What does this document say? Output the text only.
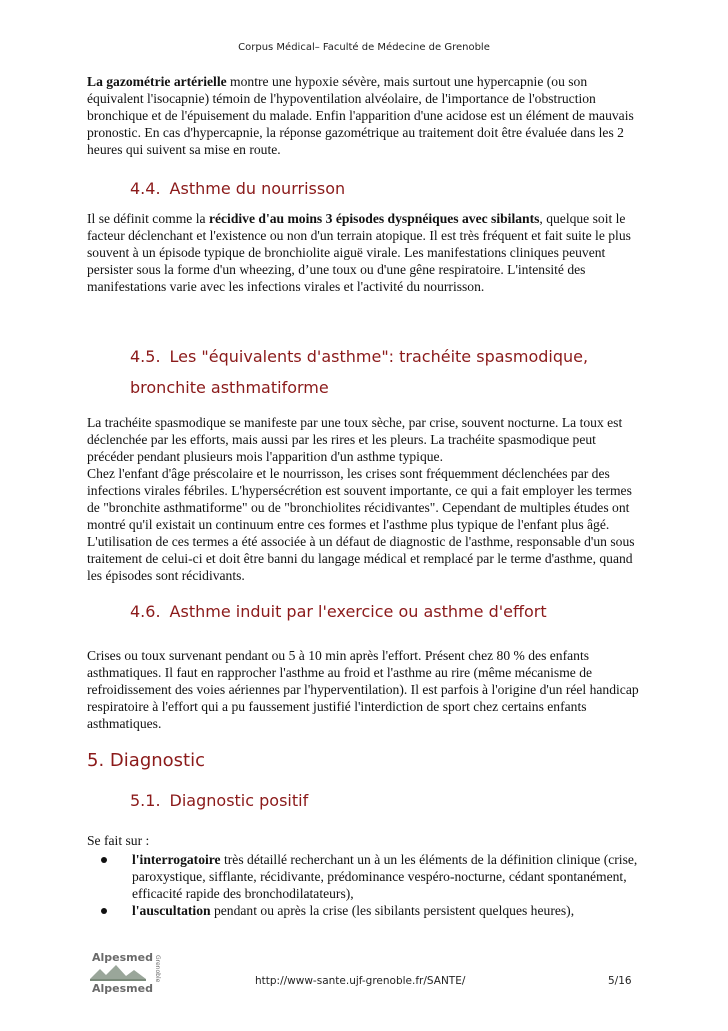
Corpus Médical– Faculté de Médecine de Grenoble
La gazométrie artérielle montre une hypoxie sévère, mais surtout une hypercapnie (ou son équivalent l'isocapnie) témoin de l'hypoventilation alvéolaire, de l'importance de l'obstruction bronchique et de l'épuisement du malade. Enfin l'apparition d'une acidose est un élément de mauvais pronostic. En cas d'hypercapnie, la réponse gazométrique au traitement doit être évaluée dans les 2 heures qui suivent sa mise en route.
4.4. Asthme du nourrisson
Il se définit comme la récidive d'au moins 3 épisodes dyspnéiques avec sibilants, quelque soit le facteur déclenchant et l'existence ou non d'un terrain atopique. Il est très fréquent et fait suite le plus souvent à un épisode typique de bronchiolite aiguë virale. Les manifestations cliniques peuvent persister sous la forme d'un wheezing, d’une toux ou d'une gêne respiratoire. L'intensité des manifestations varie avec les infections virales et l'activité du nourrisson.
4.5. Les "équivalents d'asthme": trachéite spasmodique,
bronchite asthmatiforme
La trachéite spasmodique se manifeste par une toux sèche, par crise, souvent nocturne. La toux est déclenchée par les efforts, mais aussi par les rires et les pleurs. La trachéite spasmodique peut précéder pendant plusieurs mois l'apparition d'un asthme typique.
Chez l'enfant d'âge préscolaire et le nourrisson, les crises sont fréquemment déclenchées par des infections virales fébriles. L'hypersécrétion est souvent importante, ce qui a fait employer les termes de "bronchite asthmatiforme" ou de "bronchiolites récidivantes". Cependant de multiples études ont montré qu'il existait un continuum entre ces formes et l'asthme plus typique de l'enfant plus âgé. L'utilisation de ces termes a été associée à un défaut de diagnostic de l'asthme, responsable d'un sous traitement de celui-ci et doit être banni du langage médical et remplacé par le terme d'asthme, quand les épisodes sont récidivants.
4.6. Asthme induit par l'exercice ou asthme d'effort
Crises ou toux survenant pendant ou 5 à 10 min après l'effort. Présent chez 80 % des enfants asthmatiques. Il faut en rapprocher l'asthme au froid et l'asthme au rire (même mécanisme de refroidissement des voies aériennes par l'hyperventilation). Il est parfois à l'origine d'un réel handicap respiratoire à l'effort qui a pu faussement justifié l'interdiction de sport chez certains enfants asthmatiques.
5. Diagnostic
5.1. Diagnostic positif
Se fait sur :
l'interrogatoire très détaillé recherchant un à un les éléments de la définition clinique (crise, paroxystique, sifflante, récidivante, prédominance vespéro-nocturne, cédant spontanément, efficacité rapide des bronchodilatateurs),
l'auscultation pendant ou après la crise (les sibilants persistent quelques heures),
Alpesmed
Alpesmed
Grenoble	http://www-sante.ujf-grenoble.fr/SANTE/	5/16
